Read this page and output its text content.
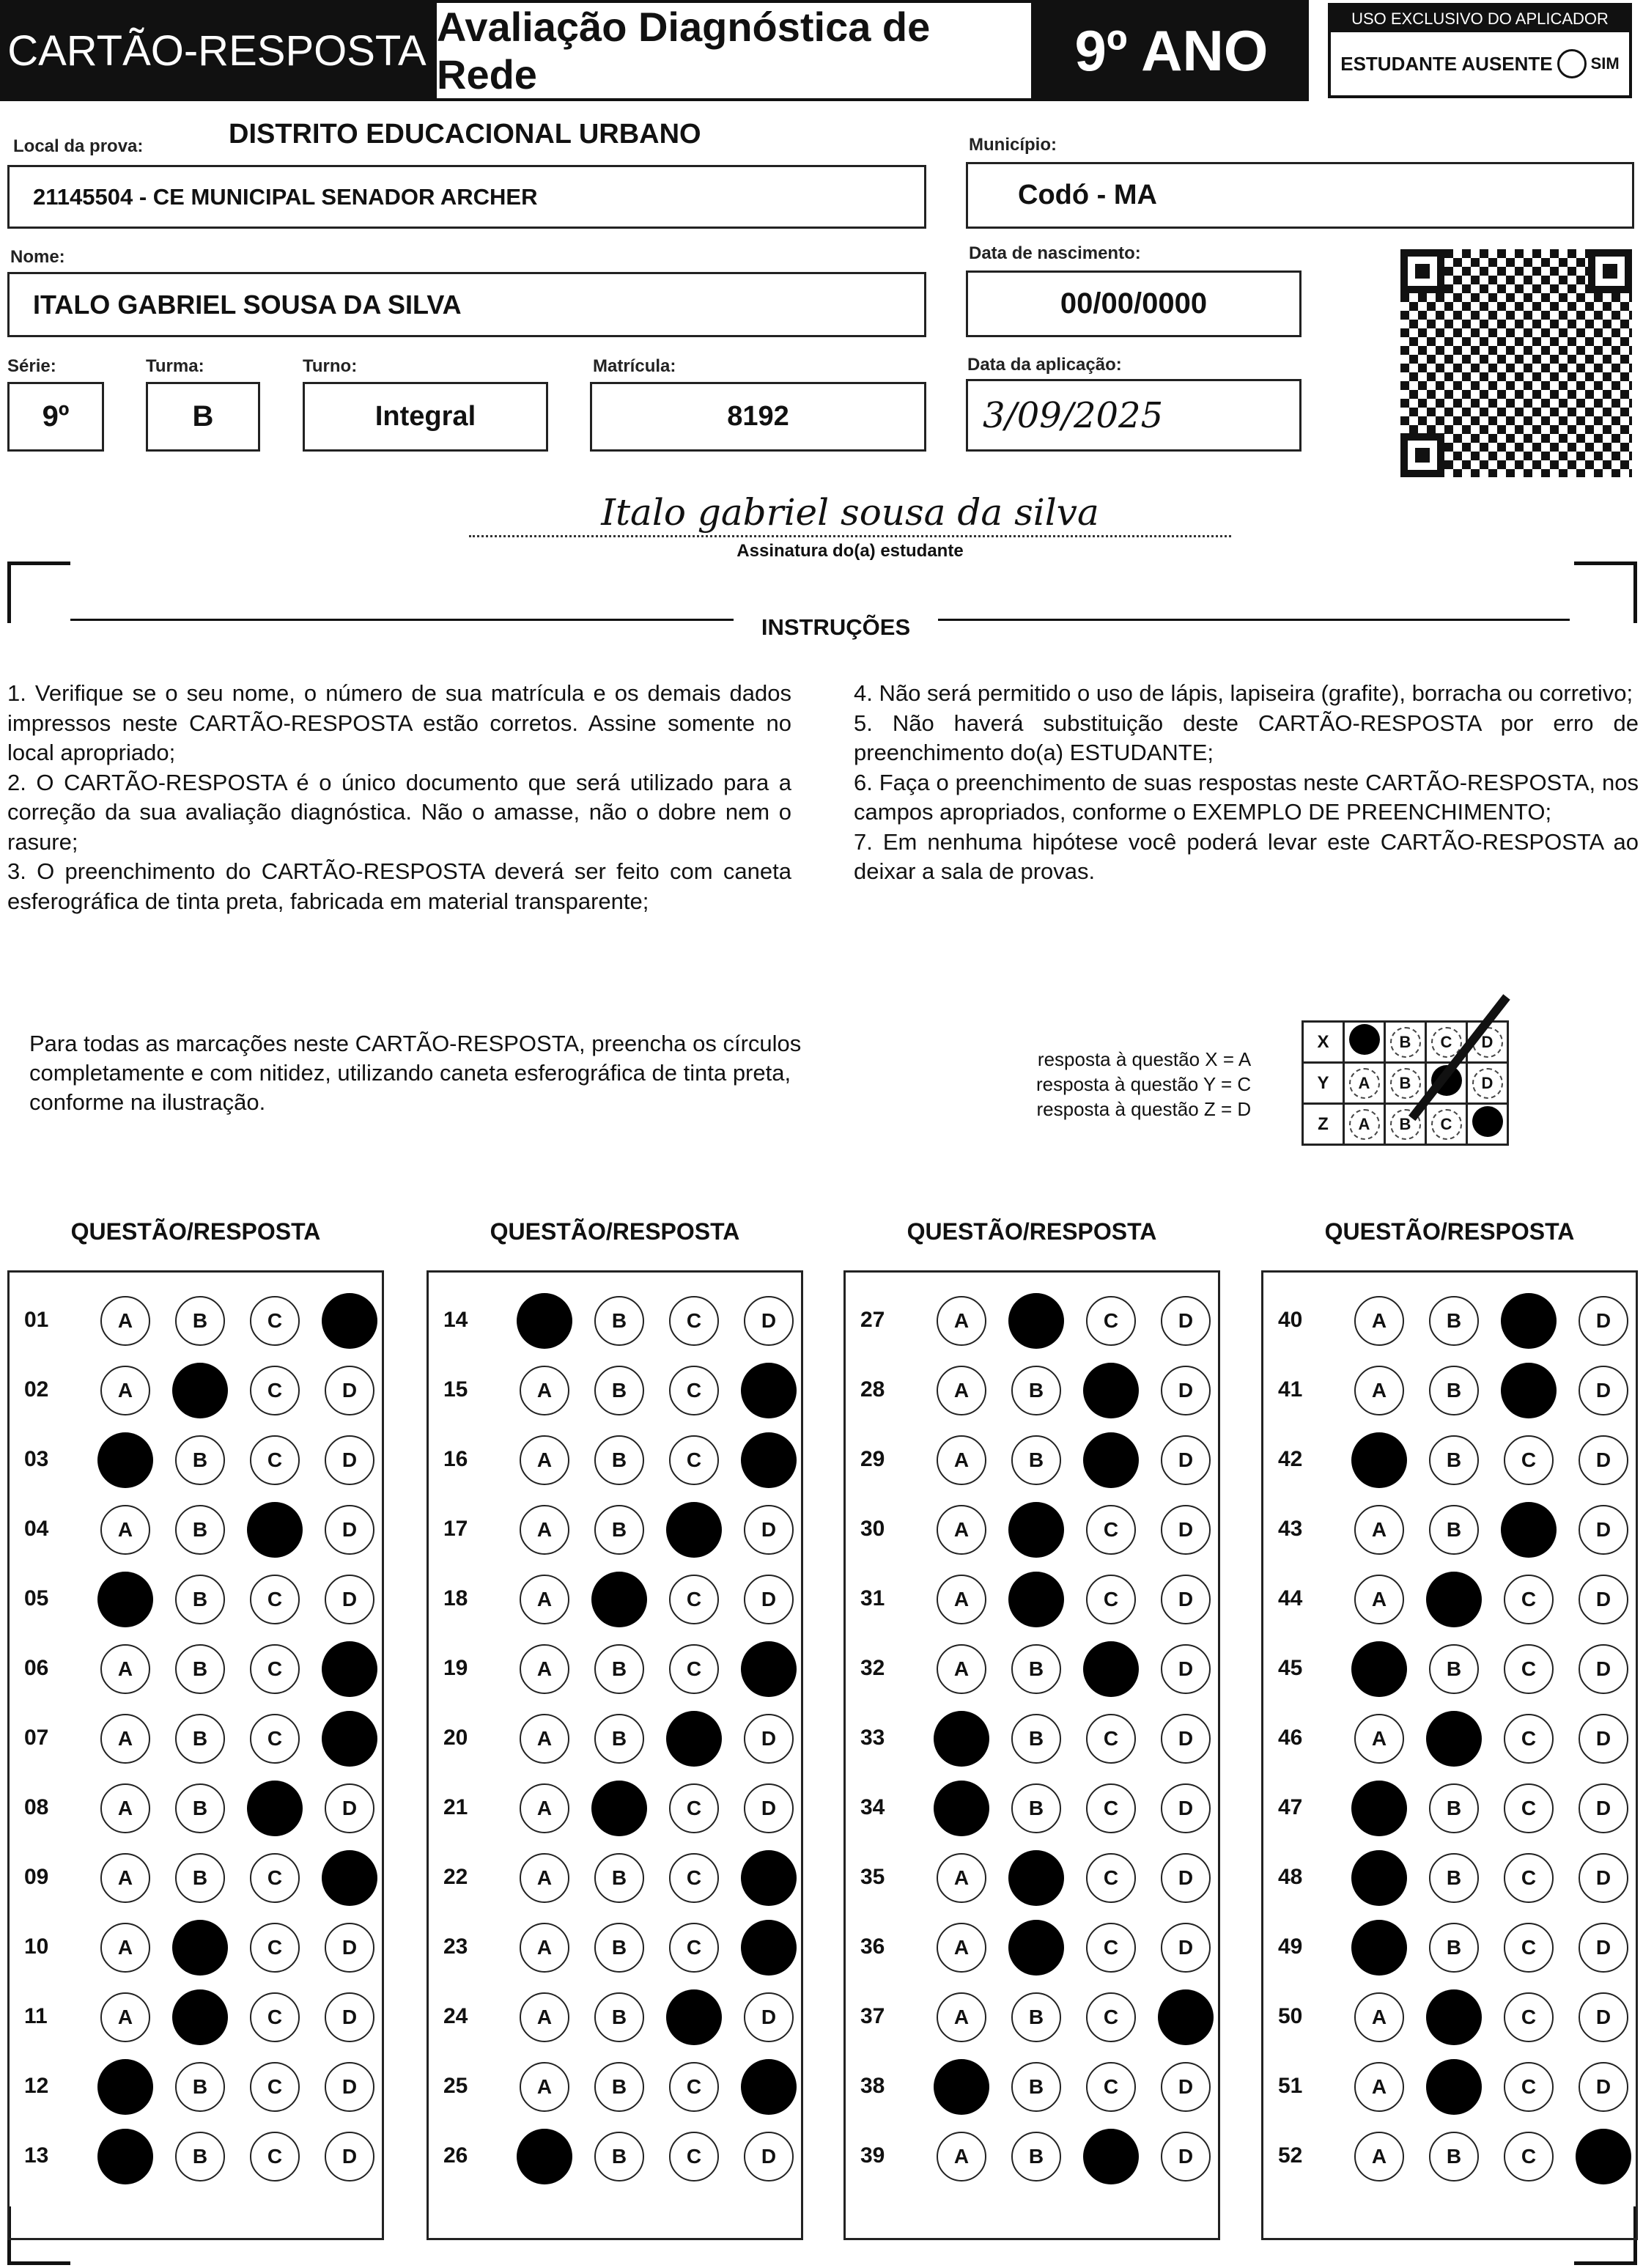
CARTÃO-RESPOSTA Avaliação Diagnóstica de Rede	9º ANO	USO EXCLUSIVO DO APLICADOR
ESTUDANTE AUSENTE SIM
Local da prova:	DISTRITO EDUCACIONAL URBANO
21145504 - CE MUNICIPAL SENADOR ARCHER
Município:
Codó - MA
Nome:
ITALO GABRIEL SOUSA DA SILVA
Data de nascimento:
00/00/0000
Série:
9º
Turma:
B
Turno:
Integral
Matrícula:
8192
Data da aplicação:
3/09/2025
Italo gabriel sousa da silva
Assinatura do(a) estudante
INSTRUÇÕES
1. Verifique se o seu nome, o número de sua matrícula e os demais dados impressos neste CARTÃO-RESPOSTA estão corretos. Assine somente no local apropriado;
2. O CARTÃO-RESPOSTA é o único documento que será utilizado para a correção da sua avaliação diagnóstica. Não o amasse, não o dobre nem o rasure;
3. O preenchimento do CARTÃO-RESPOSTA deverá ser feito com caneta esferográfica de tinta preta, fabricada em material transparente;
4. Não será permitido o uso de lápis, lapiseira (grafite), borracha ou corretivo;
5. Não haverá substituição deste CARTÃO-RESPOSTA por erro de preenchimento do(a) ESTUDANTE;
6. Faça o preenchimento de suas respostas neste CARTÃO-RESPOSTA, nos campos apropriados, conforme o EXEMPLO DE PREENCHIMENTO;
7. Em nenhuma hipótese você poderá levar este CARTÃO-RESPOSTA ao deixar a sala de provas.
Para todas as marcações neste CARTÃO-RESPOSTA, preencha os círculos completamente e com nitidez, utilizando caneta esferográfica de tinta preta, conforme na ilustração.
resposta à questão X = A
resposta à questão Y = C
resposta à questão Z = D
X		B	C	D
Y	A	B		D
Z	A	B	C	
QUESTÃO/RESPOSTA
01	A	B	C
02	A	C	D
03	B	C	D
04	A	B	D
05	B	C	D
06	A	B	C
07	A	B	C
08	A	B	D
09	A	B	C
10	A	C	D
11	A	C	D
12	B	C	D
13	B	C	D
QUESTÃO/RESPOSTA
14	B	C	D
15	A	B	C
16	A	B	C
17	A	B	D
18	A	C	D
19	A	B	C
20	A	B	D
21	A	C	D
22	A	B	C
23	A	B	C
24	A	B	D
25	A	B	C
26	B	C	D
QUESTÃO/RESPOSTA
27	A	C	D
28	A	B	D
29	A	B	D
30	A	C	D
31	A	C	D
32	A	B	D
33	B	C	D
34	B	C	D
35	A	C	D
36	A	C	D
37	A	B	C
38	B	C	D
39	A	B	D
QUESTÃO/RESPOSTA
40	A	B	D
41	A	B	D
42	B	C	D
43	A	B	D
44	A	C	D
45	B	C	D
46	A	C	D
47	B	C	D
48	B	C	D
49	B	C	D
50	A	C	D
51	A	C	D
52	A	B	C
